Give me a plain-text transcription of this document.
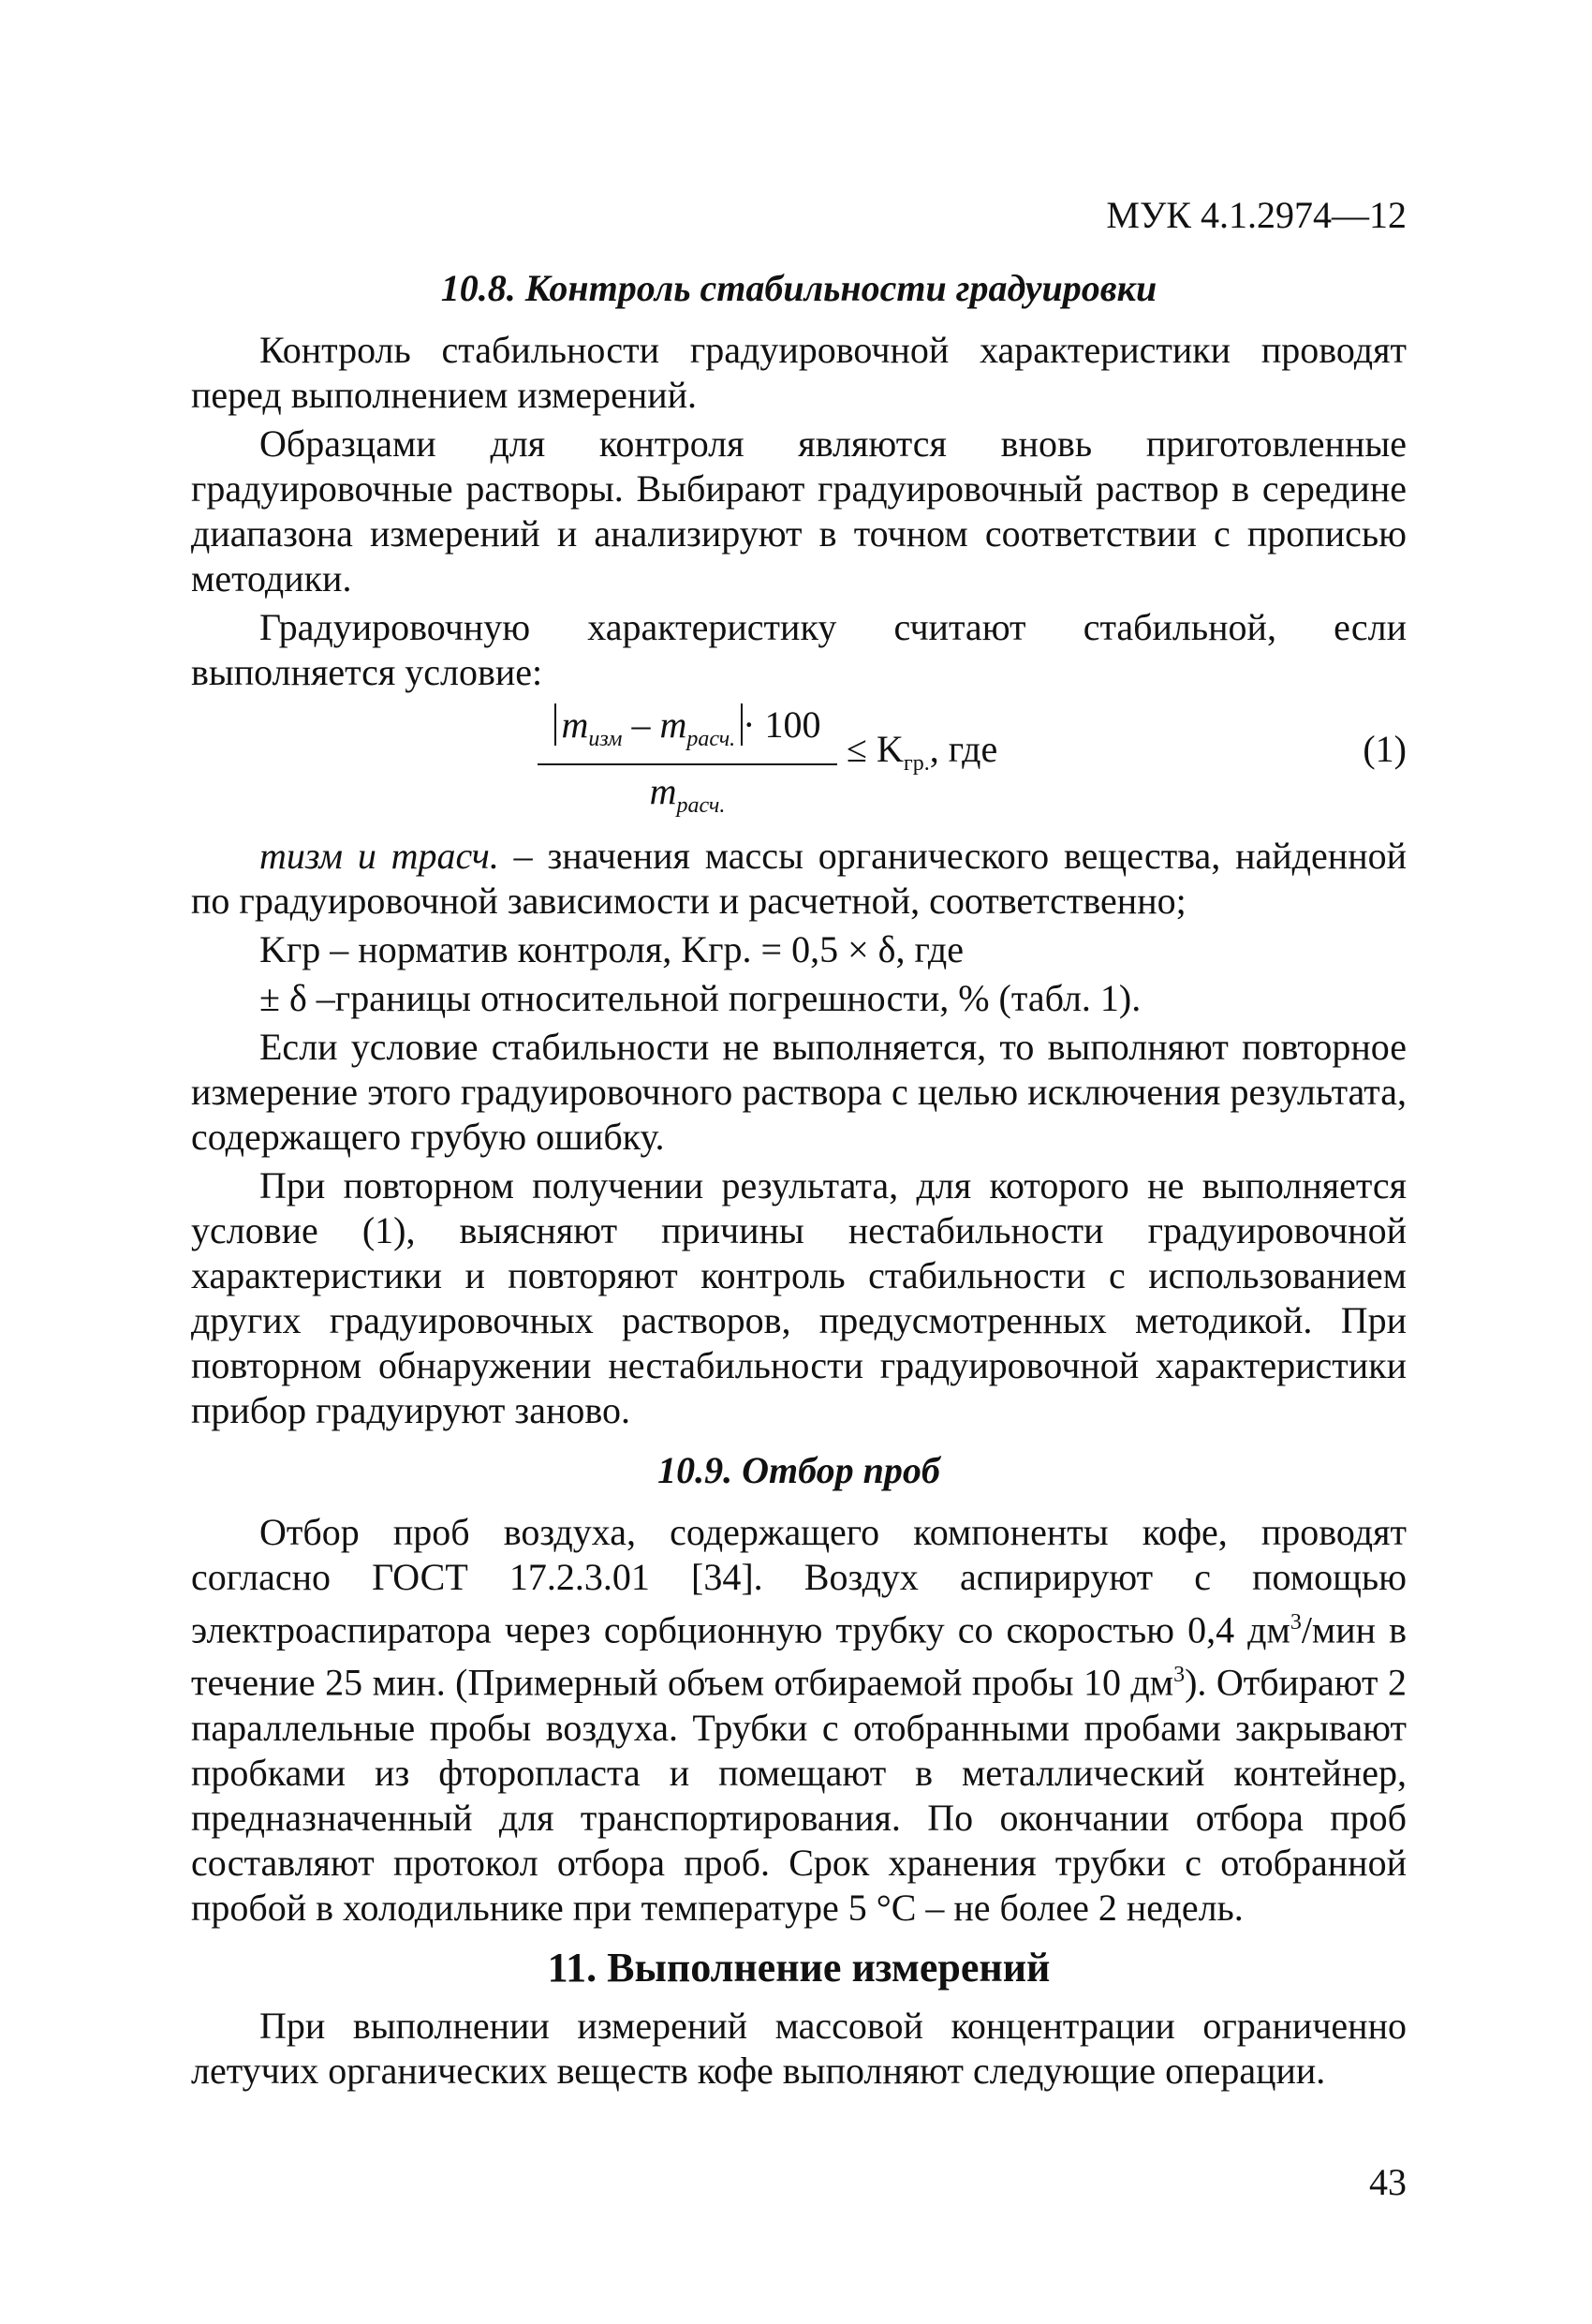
МУК 4.1.2974—12
10.8. Контроль стабильности градуировки

Контроль стабильности градуировочной характеристики проводят перед выполнением измерений.

Образцами для контроля являются вновь приготовленные градуировочные растворы. Выбирают градуировочный раствор в середине диапазона измерений и анализируют в точном соответствии с прописью методики.

Градуировочную характеристику считают стабильной, если выполняется условие:

$m_{изм} - m_{расч.} \cdot 100$
$m_{расч.}$
≤ $K_{гр.}$, где	(1)

mизм и mрасч. – значения массы органического вещества, найденной по градуировочной зависимости и расчетной, соответственно;

Kгр – норматив контроля, Kгр. = 0,5 × δ, где
± δ –границы относительной погрешности, % (табл. 1).

Если условие стабильности не выполняется, то выполняют повторное измерение этого градуировочного раствора с целью исключения результата, содержащего грубую ошибку.

При повторном получении результата, для которого не выполняется условие (1), выясняют причины нестабильности градуировочной характеристики и повторяют контроль стабильности с использованием других градуировочных растворов, предусмотренных методикой. При повторном обнаружении нестабильности градуировочной характеристики прибор градуируют заново.

10.9. Отбор проб

Отбор проб воздуха, содержащего компоненты кофе, проводят согласно ГОСТ 17.2.3.01 [34]. Воздух аспирируют с помощью электроаспиратора через сорбционную трубку со скоростью 0,4 $дм^3$/мин в течение 25 мин. (Примерный объем отбираемой пробы 10 $дм^3$). Отбирают 2 параллельные пробы воздуха. Трубки с отобранными пробами закрывают пробками из фторопласта и помещают в металлический контейнер, предназначенный для транспортирования. По окончании отбора проб составляют протокол отбора проб. Срок хранения трубки с отобранной пробой в холодильнике при температуре 5 °С – не более 2 недель.

11. Выполнение измерений

При выполнении измерений массовой концентрации ограниченно летучих органических веществ кофе выполняют следующие операции.

43
